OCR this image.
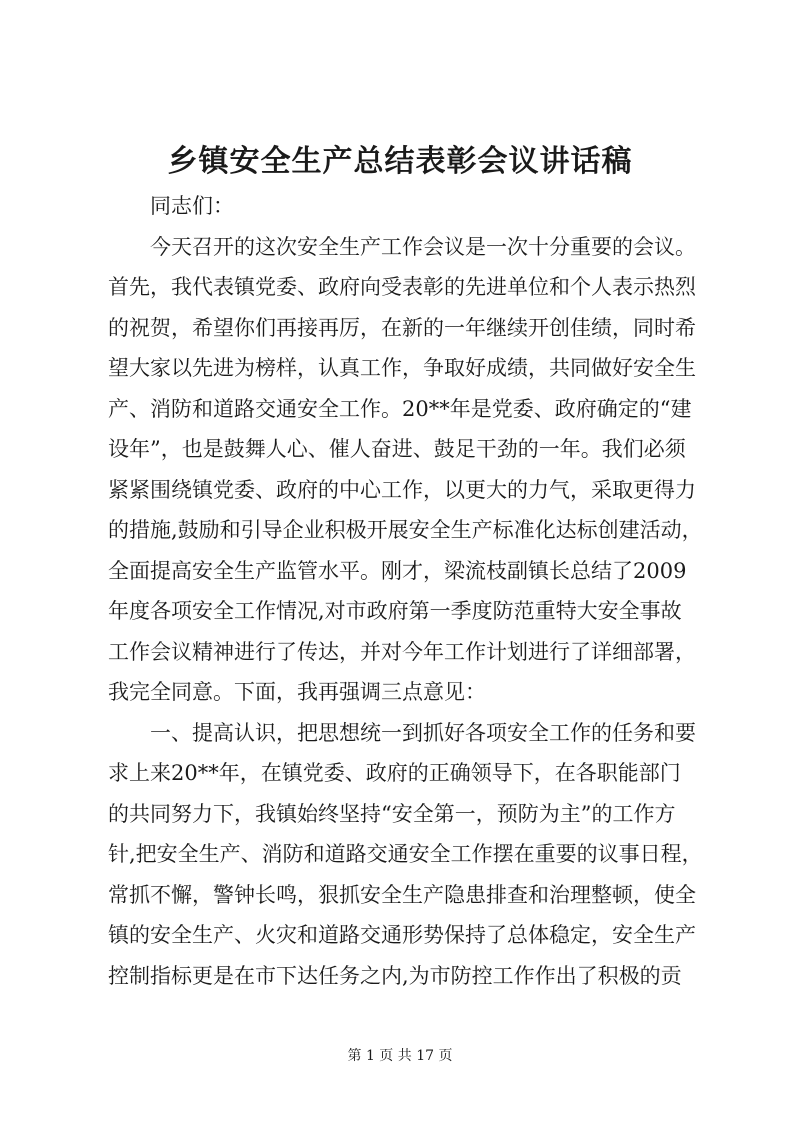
乡镇安全生产总结表彰会议讲话稿
同志们：
今天召开的这次安全生产工作会议是一次十分重要的会议。
首先，我代表镇党委、政府向受表彰的先进单位和个人表示热烈
的祝贺，希望你们再接再厉，在新的一年继续开创佳绩，同时希
望大家以先进为榜样，认真工作，争取好成绩，共同做好安全生
产、消防和道路交通安全工作。20**年是党委、政府确定的“建
设年”，也是鼓舞人心、催人奋进、鼓足干劲的一年。我们必须
紧紧围绕镇党委、政府的中心工作，以更大的力气，采取更得力
的措施,鼓励和引导企业积极开展安全生产标准化达标创建活动，
全面提高安全生产监管水平。刚才，梁流枝副镇长总结了2009
年度各项安全工作情况,对市政府第一季度防范重特大安全事故
工作会议精神进行了传达，并对今年工作计划进行了详细部署，
我完全同意。下面，我再强调三点意见：
一、提高认识，把思想统一到抓好各项安全工作的任务和要
求上来20**年，在镇党委、政府的正确领导下，在各职能部门
的共同努力下，我镇始终坚持“安全第一，预防为主”的工作方
针,把安全生产、消防和道路交通安全工作摆在重要的议事日程，
常抓不懈，警钟长鸣，狠抓安全生产隐患排查和治理整顿，使全
镇的安全生产、火灾和道路交通形势保持了总体稳定，安全生产
控制指标更是在市下达任务之内,为市防控工作作出了积极的贡
第 1 页 共 17 页
